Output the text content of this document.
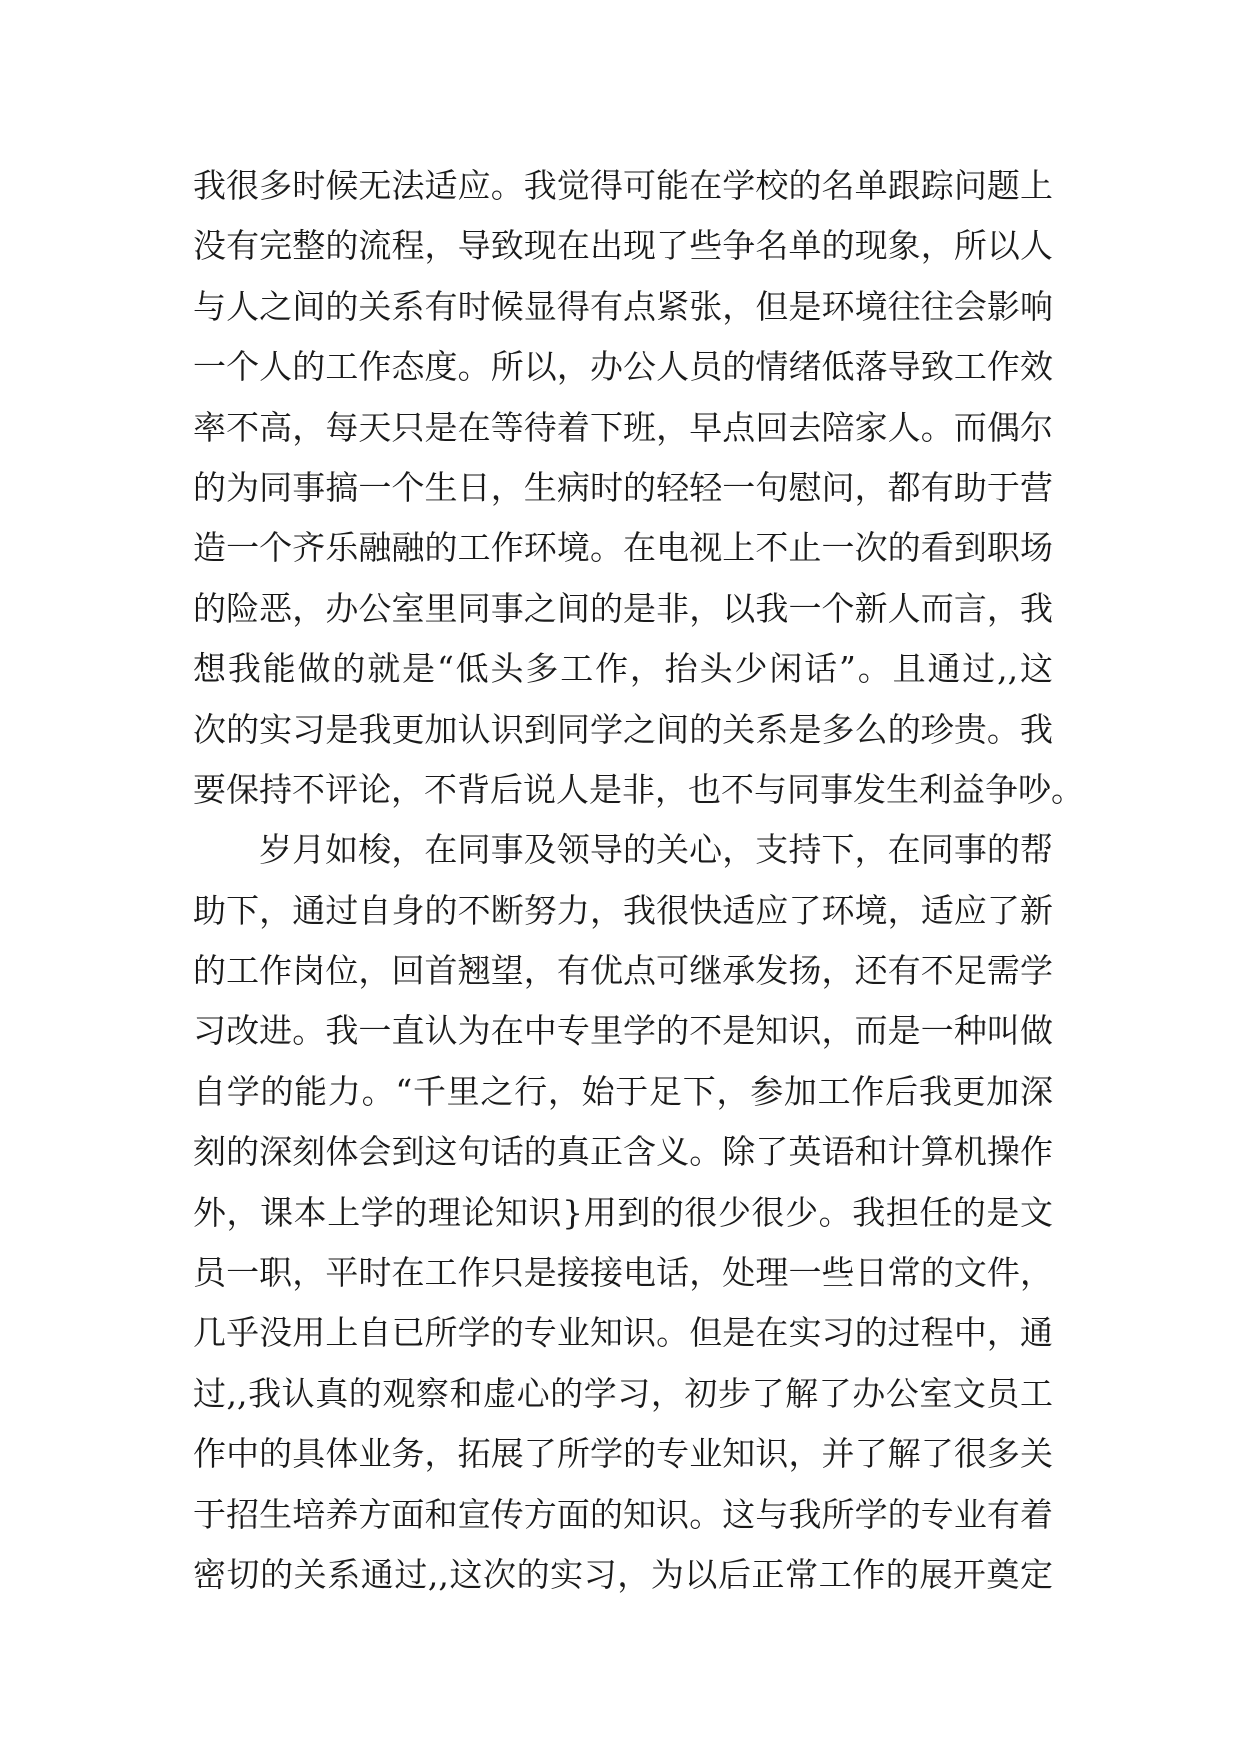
我很多时候无法适应。我觉得可能在学校的名单跟踪问题上
没有完整的流程，导致现在出现了些争名单的现象，所以人
与人之间的关系有时候显得有点紧张，但是环境往往会影响
一个人的工作态度。所以，办公人员的情绪低落导致工作效
率不高，每天只是在等待着下班，早点回去陪家人。而偶尔
的为同事搞一个生日，生病时的轻轻一句慰问，都有助于营
造一个齐乐融融的工作环境。在电视上不止一次的看到职场
的险恶，办公室里同事之间的是非，以我一个新人而言，我
想我能做的就是“低头多工作，抬头少闲话”。且通过,,这
次的实习是我更加认识到同学之间的关系是多么的珍贵。我
要保持不评论，不背后说人是非，也不与同事发生利益争吵。
岁月如梭，在同事及领导的关心，支持下，在同事的帮
助下，通过自身的不断努力，我很快适应了环境，适应了新
的工作岗位，回首翘望，有优点可继承发扬，还有不足需学
习改进。我一直认为在中专里学的不是知识，而是一种叫做
自学的能力。“千里之行，始于足下，参加工作后我更加深
刻的深刻体会到这句话的真正含义。除了英语和计算机操作
外，课本上学的理论知识}用到的很少很少。我担任的是文
员一职，平时在工作只是接接电话，处理一些日常的文件，
几乎没用上自已所学的专业知识。但是在实习的过程中，通
过,,我认真的观察和虚心的学习，初步了解了办公室文员工
作中的具体业务，拓展了所学的专业知识，并了解了很多关
于招生培养方面和宣传方面的知识。这与我所学的专业有着
密切的关系通过,,这次的实习，为以后正常工作的展开奠定
